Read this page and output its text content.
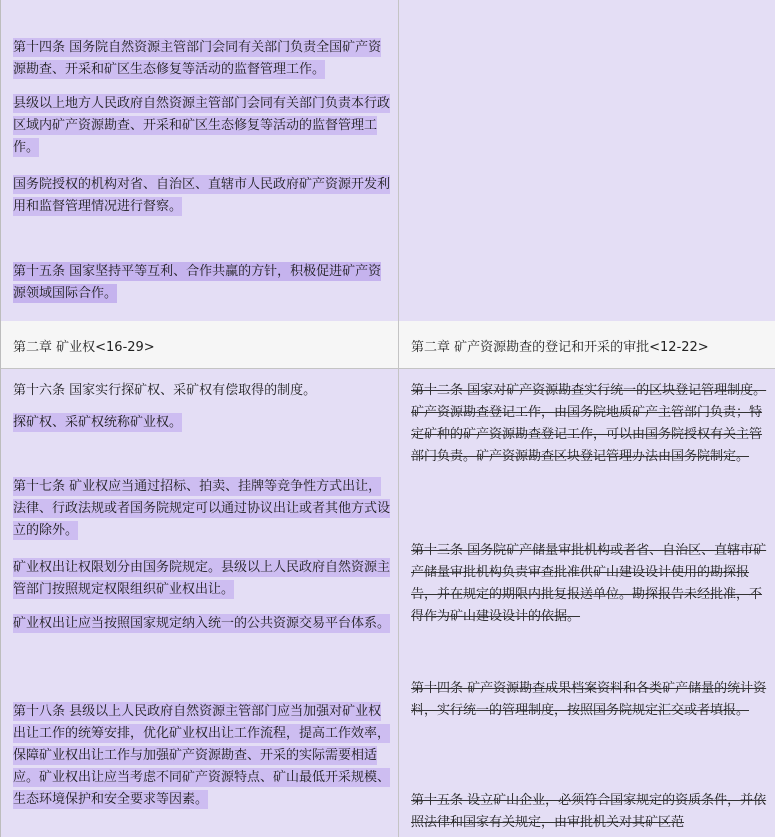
第十四条 国务院自然资源主管部门会同有关部门负责全国矿产资源勘查、开采和矿区生态修复等活动的监督管理工作。
县级以上地方人民政府自然资源主管部门会同有关部门负责本行政区域内矿产资源勘查、开采和矿区生态修复等活动的监督管理工作。
国务院授权的机构对省、自治区、直辖市人民政府矿产资源开发利用和监督管理情况进行督察。
第十五条 国家坚持平等互利、合作共赢的方针，积极促进矿产资源领域国际合作。
第二章 矿业权<16-29>	第二章 矿产资源勘查的登记和开采的审批<12-22>
第十六条 国家实行探矿权、采矿权有偿取得的制度。
探矿权、采矿权统称矿业权。
第十七条 矿业权应当通过招标、拍卖、挂牌等竞争性方式出让，法律、行政法规或者国务院规定可以通过协议出让或者其他方式设立的除外。
矿业权出让权限划分由国务院规定。县级以上人民政府自然资源主管部门按照规定权限组织矿业权出让。
矿业权出让应当按照国家规定纳入统一的公共资源交易平台体系。
第十八条 县级以上人民政府自然资源主管部门应当加强对矿业权出让工作的统筹安排，优化矿业权出让工作流程，提高工作效率，保障矿业权出让工作与加强矿产资源勘查、开采的实际需要相适应。矿业权出让应当考虑不同矿产资源特点、矿山最低开采规模、生态环境保护和安全要求等因素。
第十二条 国家对矿产资源勘查实行统一的区块登记管理制度。矿产资源勘查登记工作，由国务院地质矿产主管部门负责；特定矿种的矿产资源勘查登记工作，可以由国务院授权有关主管部门负责。矿产资源勘查区块登记管理办法由国务院制定。
第十三条 国务院矿产储量审批机构或者省、自治区、直辖市矿产储量审批机构负责审查批准供矿山建设设计使用的勘探报告，并在规定的期限内批复报送单位。勘探报告未经批准，不得作为矿山建设设计的依据。
第十四条 矿产资源勘查成果档案资料和各类矿产储量的统计资料，实行统一的管理制度，按照国务院规定汇交或者填报。
第十五条 设立矿山企业，必须符合国家规定的资质条件，并依照法律和国家有关规定，由审批机关对其矿区范
